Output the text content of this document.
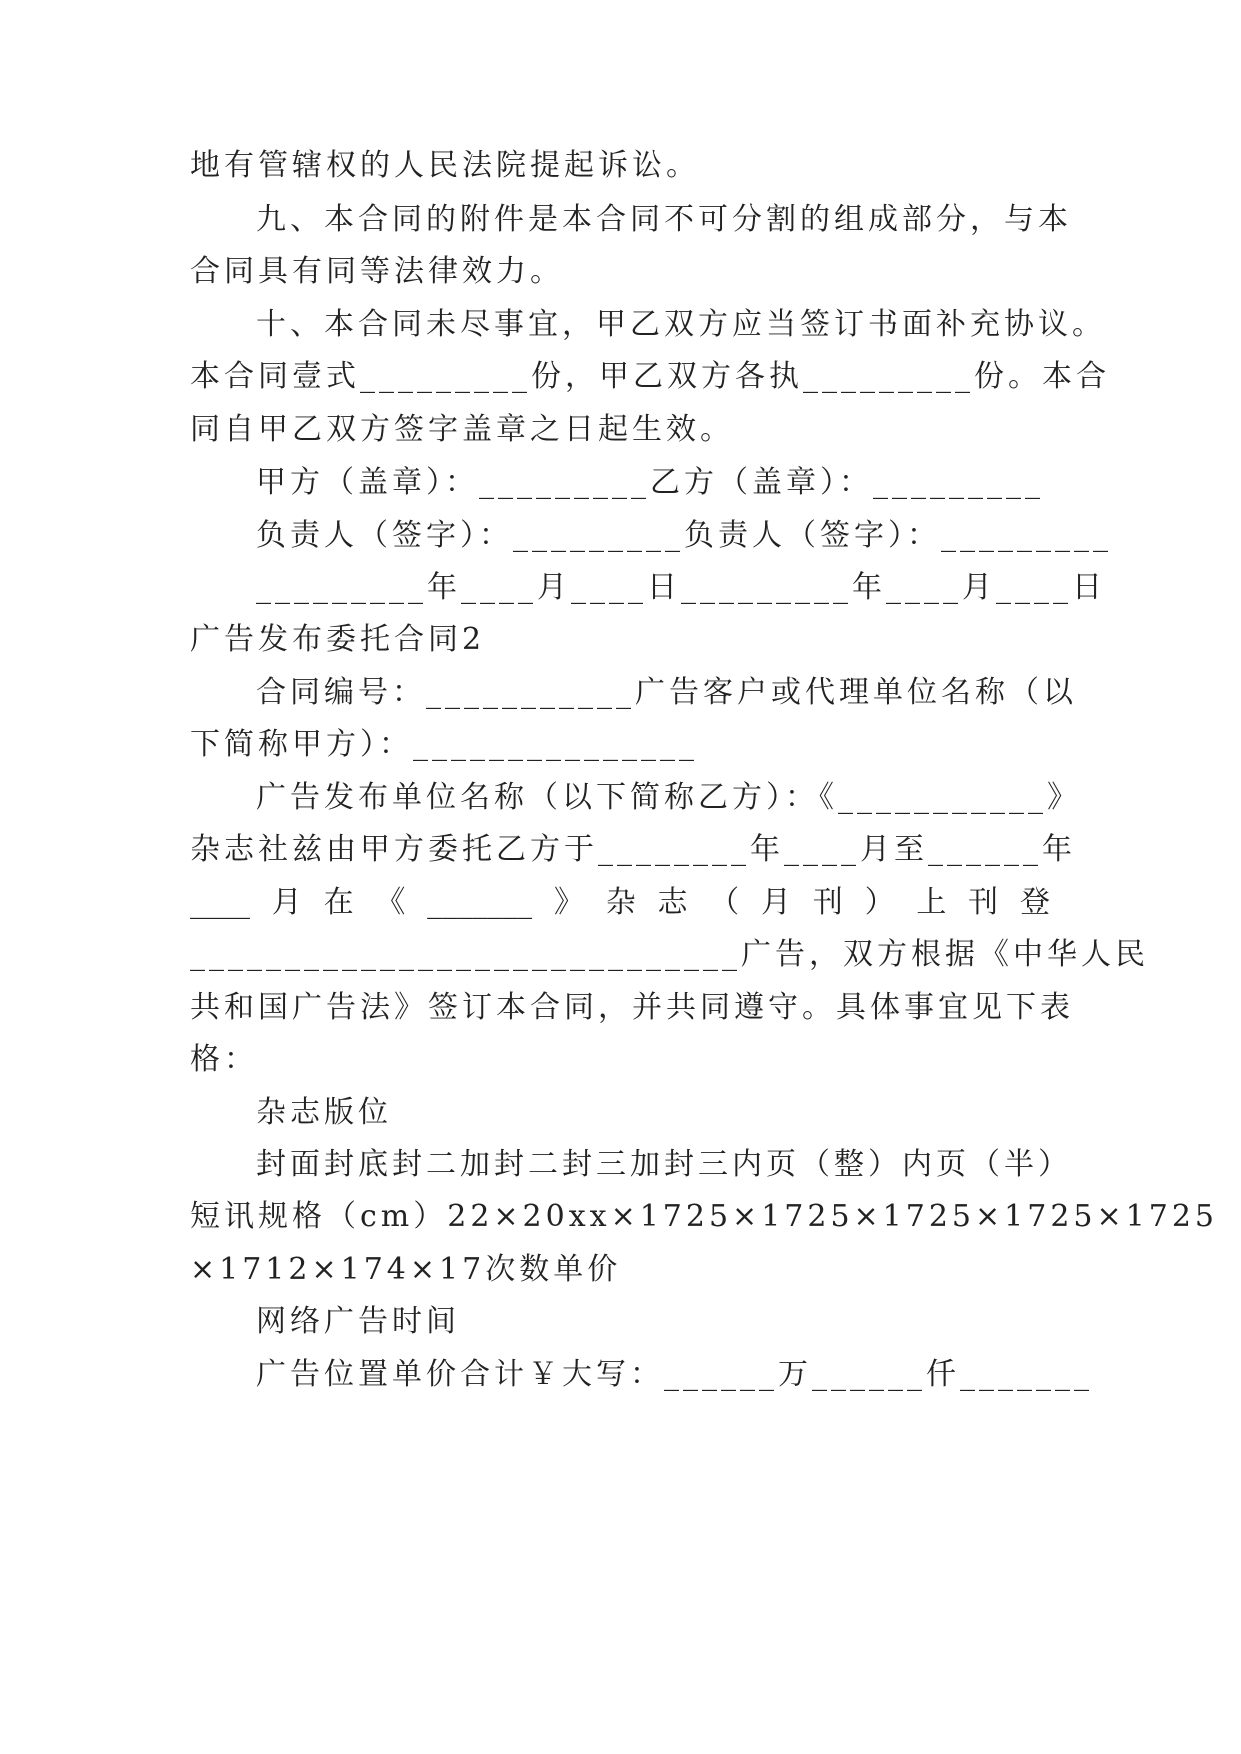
地有管辖权的人民法院提起诉讼。
九、本合同的附件是本合同不可分割的组成部分，与本
合同具有同等法律效力。
十、本合同未尽事宜，甲乙双方应当签订书面补充协议。
本合同壹式_________份，甲乙双方各执_________份。本合
同自甲乙双方签字盖章之日起生效。
甲方（盖章）：_________乙方（盖章）：_________
负责人（签字）：_________负责人（签字）：_________
_________年____月____日_________年____月____日
广告发布委托合同2
合同编号：___________广告客户或代理单位名称（以
下简称甲方）：_______________
广告发布单位名称（以下简称乙方）：《___________》
杂志社兹由甲方委托乙方于________年____月至______年
____ 月 在 《 _______ 》 杂 志 （ 月 刊 ） 上 刊 登
_____________________________广告，双方根据《中华人民
共和国广告法》签订本合同，并共同遵守。具体事宜见下表
格：
杂志版位
封面封底封二加封二封三加封三内页（整）内页（半）
短讯规格（cm）22×20xx×1725×1725×1725×1725×1725
×1712×174×17次数单价
网络广告时间
广告位置单价合计￥大写：______万______仟_______
